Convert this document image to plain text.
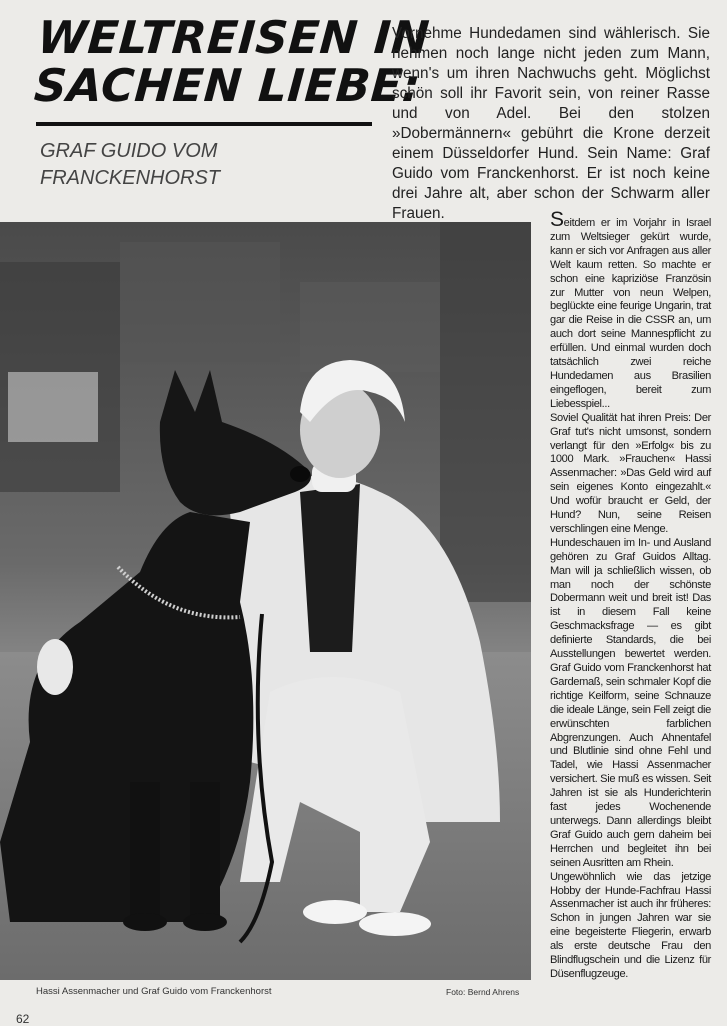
WELTREISEN IN
SACHEN LIEBE:
GRAF GUIDO VOM
FRANCKENHORST
Vornehme Hundedamen sind wählerisch. Sie nehmen noch lange nicht jeden zum Mann, wenn's um ihren Nachwuchs geht. Möglichst schön soll ihr Favorit sein, von reiner Rasse und von Adel. Bei den stolzen »Dobermännern« gebührt die Krone derzeit einem Düsseldorfer Hund. Sein Name: Graf Guido vom Franckenhorst. Er ist noch keine drei Jahre alt, aber schon der Schwarm aller Frauen.
Hassi Assenmacher und Graf Guido vom Franckenhorst	Foto: Bernd Ahrens

Seitdem er im Vorjahr in Israel zum Weltsieger gekürt wurde, kann er sich vor Anfragen aus aller Welt kaum retten. So machte er schon eine kapriziöse Französin zur Mutter von neun Welpen, beglückte eine feurige Ungarin, trat gar die Reise in die CSSR an, um auch dort seine Mannespflicht zu erfüllen. Und einmal wurden doch tatsächlich zwei reiche Hundedamen aus Brasilien eingeflogen, bereit zum Liebesspiel...

Soviel Qualität hat ihren Preis: Der Graf tut's nicht umsonst, sondern verlangt für den »Erfolg« bis zu 1000 Mark. »Frauchen« Hassi Assenmacher: »Das Geld wird auf sein eigenes Konto eingezahlt.« Und wofür braucht er Geld, der Hund? Nun, seine Reisen verschlingen eine Menge.

Hundeschauen im In- und Ausland gehören zu Graf Guidos Alltag. Man will ja schließlich wissen, ob man noch der schönste Dobermann weit und breit ist! Das ist in diesem Fall keine Geschmacksfrage — es gibt definierte Standards, die bei Ausstellungen bewertet werden. Graf Guido vom Franckenhorst hat Gardemaß, sein schmaler Kopf die richtige Keilform, seine Schnauze die ideale Länge, sein Fell zeigt die erwünschten farblichen Abgrenzungen. Auch Ahnentafel und Blutlinie sind ohne Fehl und Tadel, wie Hassi Assenmacher versichert. Sie muß es wissen. Seit Jahren ist sie als Hunderichterin fast jedes Wochenende unterwegs. Dann allerdings bleibt Graf Guido auch gern daheim bei Herrchen und begleitet ihn bei seinen Ausritten am Rhein.

Ungewöhnlich wie das jetzige Hobby der Hunde-Fachfrau Hassi Assenmacher ist auch ihr früheres: Schon in jungen Jahren war sie eine begeisterte Fliegerin, erwarb als erste deutsche Frau den Blindflugschein und die Lizenz für Düsenflugzeuge.

62
